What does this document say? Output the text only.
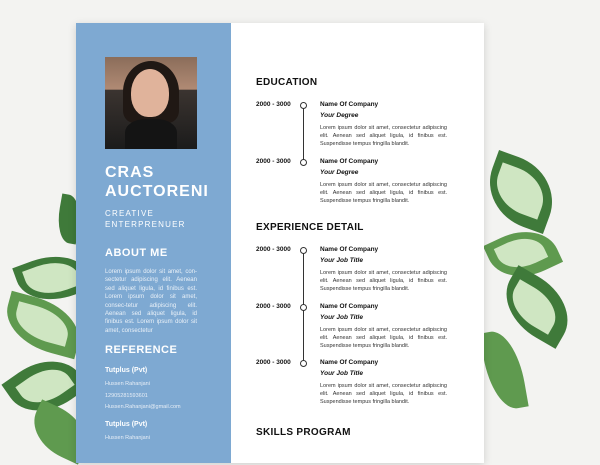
CRAS AUCTORENI
CREATIVE ENTERPRENUER
ABOUT ME
Lorem ipsum dolor sit amet, con-sectetur adipiscing elit. Aenean sed aliquet ligula, id finibus est. Lorem ipsum dolor sit amet, consec-tetur adipiscing elit. Aenean sed aliquet ligula, id finibus est. Lorem ipsum dolor sit amet, consectetur
REFERENCE
Tutplus (Pvt)
Hussen Rahanjani
12905281593601
Hussen.Rahanjani@gmail.com
Tutplus (Pvt)
Hussen Rahanjani
EDUCATION
2000 - 3000	Name Of Company
Your Degree
Lorem ipsum dolor sit amet, consectetur adipiscing elit. Aenean sed aliquet ligula, id finibus est. Suspendisse tempus fringilla blandit.
2000 - 3000	Name Of Company
Your Degree
Lorem ipsum dolor sit amet, consectetur adipiscing elit. Aenean sed aliquet ligula, id finibus est. Suspendisse tempus fringilla blandit.
EXPERIENCE DETAIL
2000 - 3000	Name Of Company
Your Job Title
Lorem ipsum dolor sit amet, consectetur adipiscing elit. Aenean sed aliquet ligula, id finibus est. Suspendisse tempus fringilla blandit.
2000 - 3000	Name Of Company
Your Job Title
Lorem ipsum dolor sit amet, consectetur adipiscing elit. Aenean sed aliquet ligula, id finibus est. Suspendisse tempus fringilla blandit.
2000 - 3000	Name Of Company
Your Job Title
Lorem ipsum dolor sit amet, consectetur adipiscing elit. Aenean sed aliquet ligula, id finibus est. Suspendisse tempus fringilla blandit.
SKILLS PROGRAM
